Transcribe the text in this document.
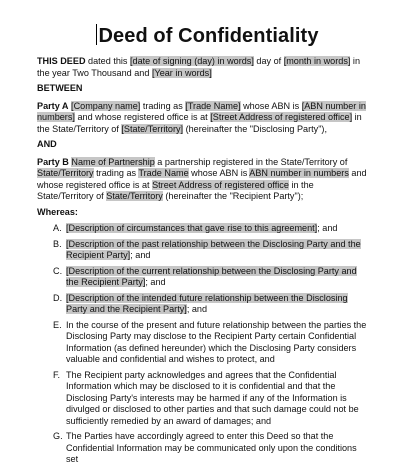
Deed of Confidentiality

THIS DEED dated this [date of signing (day) in words] day of [month in words] in the year Two Thousand and [Year in words]

BETWEEN

Party A [Company name] trading as [Trade Name] whose ABN is [ABN number in numbers] and whose registered office is at [Street Address of registered office] in the State/Territory of [State/Territory] (hereinafter the "Disclosing Party"),

AND

Party B Name of Partnership a partnership registered in the State/Territory of State/Territory trading as Trade Name whose ABN is ABN number in numbers and whose registered office is at Street Address of registered office in the State/Territory of State/Territory (hereinafter the "Recipient Party");

Whereas:

A. [Description of circumstances that gave rise to this agreement]; and
B. [Description of the past relationship between the Disclosing Party and the Recipient Party]; and
C. [Description of the current relationship between the Disclosing Party and the Recipient Party]; and
D. [Description of the intended future relationship between the Disclosing Party and the Recipient Party]; and
E. In the course of the present and future relationship between the parties the Disclosing Party may disclose to the Recipient Party certain Confidential Information (as defined hereunder) which the Disclosing Party considers valuable and confidential and wishes to protect, and
F. The Recipient party acknowledges and agrees that the Confidential Information which may be disclosed to it is confidential and that the Disclosing Party's interests may be harmed if any of the Information is divulged or disclosed to other parties and that such damage could not be sufficiently remedied by an award of damages; and
G. The Parties have accordingly agreed to enter this Deed so that the Confidential Information may be communicated only upon the conditions set
